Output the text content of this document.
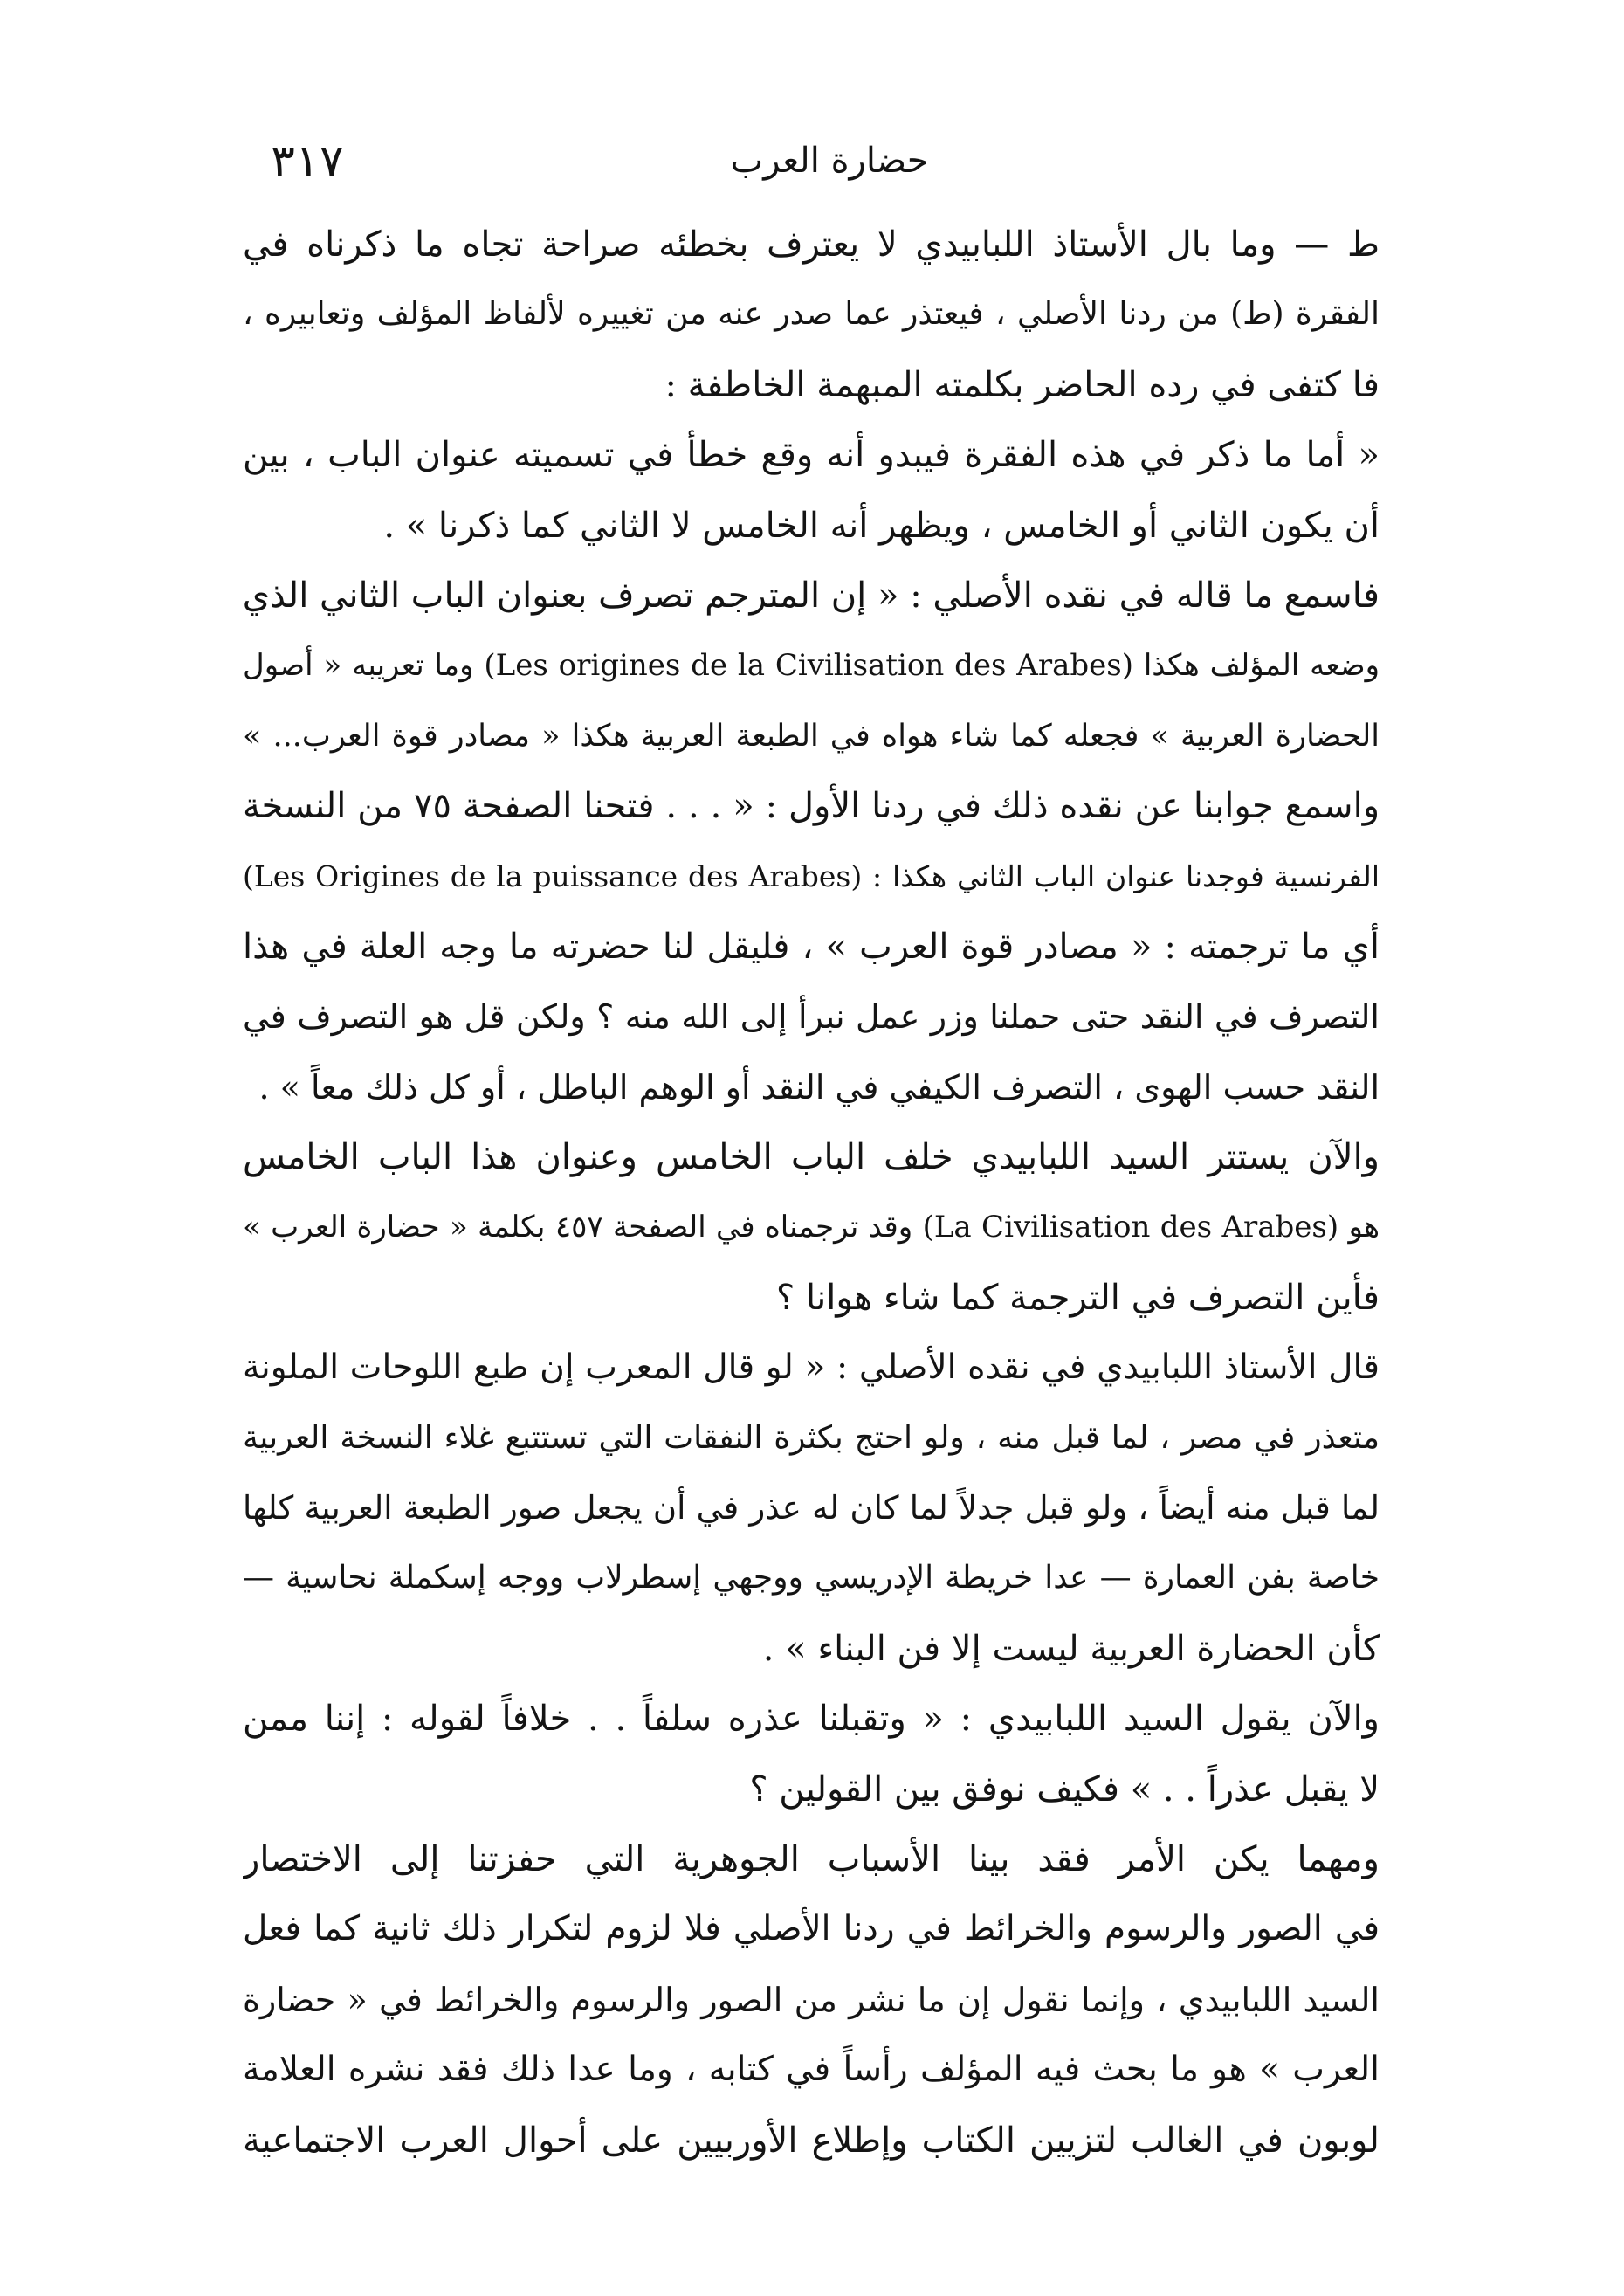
٣١٧	حضارة العرب
ط — وما بال الأستاذ اللبابيدي لا يعترف بخطئه صراحة تجاه ما ذكرناه في
الفقرة (ط) من ردنا الأصلي ، فيعتذر عما صدر عنه من تغييره لألفاظ المؤلف وتعابيره ،
فا كتفى في رده الحاضر بكلمته المبهمة الخاطفة :
« أما ما ذكر في هذه الفقرة فيبدو أنه وقع خطأ في تسميته عنوان الباب ، بين
أن يكون الثاني أو الخامس ، ويظهر أنه الخامس لا الثاني كما ذكرنا » .
فاسمع ما قاله في نقده الأصلي : « إن المترجم تصرف بعنوان الباب الثاني الذي
وضعه المؤلف هكذا (Les origines de la Civilisation des Arabes) وما تعريبه « أصول
الحضارة العربية » فجعله كما شاء هواه في الطبعة العربية هكذا « مصادر قوة العرب... »
واسمع جوابنا عن نقده ذلك في ردنا الأول : « . . . فتحنا الصفحة ٧٥ من النسخة
الفرنسية فوجدنا عنوان الباب الثاني هكذا : (Les Origines de la puissance des Arabes)
أي ما ترجمته : « مصادر قوة العرب » ، فليقل لنا حضرته ما وجه العلة في هذا
التصرف في النقد حتى حملنا وزر عمل نبرأ إلى الله منه ؟ ولكن قل هو التصرف في
النقد حسب الهوى ، التصرف الكيفي في النقد أو الوهم الباطل ، أو كل ذلك معاً » .
والآن يستتر السيد اللبابيدي خلف الباب الخامس وعنوان هذا الباب الخامس
هو (La Civilisation des Arabes) وقد ترجمناه في الصفحة ٤٥٧ بكلمة « حضارة العرب »
فأين التصرف في الترجمة كما شاء هوانا ؟
قال الأستاذ اللبابيدي في نقده الأصلي : « لو قال المعرب إن طبع اللوحات الملونة
متعذر في مصر ، لما قبل منه ، ولو احتج بكثرة النفقات التي تستتبع غلاء النسخة العربية
لما قبل منه أيضاً ، ولو قبل جدلاً لما كان له عذر في أن يجعل صور الطبعة العربية كلها
خاصة بفن العمارة — عدا خريطة الإدريسي ووجهي إسطرلاب ووجه إسكملة نحاسية —
كأن الحضارة العربية ليست إلا فن البناء » .
والآن يقول السيد اللبابيدي : « وتقبلنا عذره سلفاً . . خلافاً لقوله : إننا ممن
لا يقبل عذراً . . » فكيف نوفق بين القولين ؟
ومهما يكن الأمر فقد بينا الأسباب الجوهرية التي حفزتنا إلى الاختصار
في الصور والرسوم والخرائط في ردنا الأصلي فلا لزوم لتكرار ذلك ثانية كما فعل
السيد اللبابيدي ، وإنما نقول إن ما نشر من الصور والرسوم والخرائط في « حضارة
العرب » هو ما بحث فيه المؤلف رأساً في كتابه ، وما عدا ذلك فقد نشره العلامة
لوبون في الغالب لتزيين الكتاب وإطلاع الأوربيين على أحوال العرب الاجتماعية
